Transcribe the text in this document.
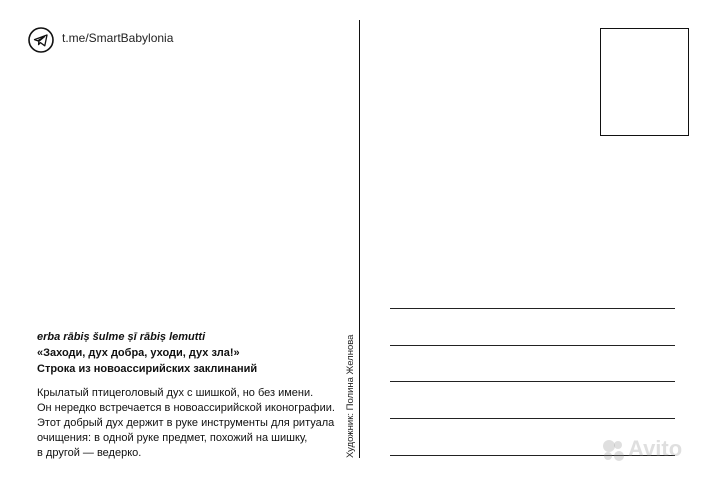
t.me/SmartBabylonia
Художник: Полина Желнова
erba rābiṣ šulme ṣī rābiṣ lemutti
«Заходи, дух добра, уходи, дух зла!»
Строка из новоассирийских заклинаний
Крылатый птицеголовый дух с шишкой, но без имени.
Он нередко встречается в новоассирийской иконографии.
Этот добрый дух держит в руке инструменты для ритуала
очищения: в одной руке предмет, похожий на шишку,
в другой — ведерко.	Avito
